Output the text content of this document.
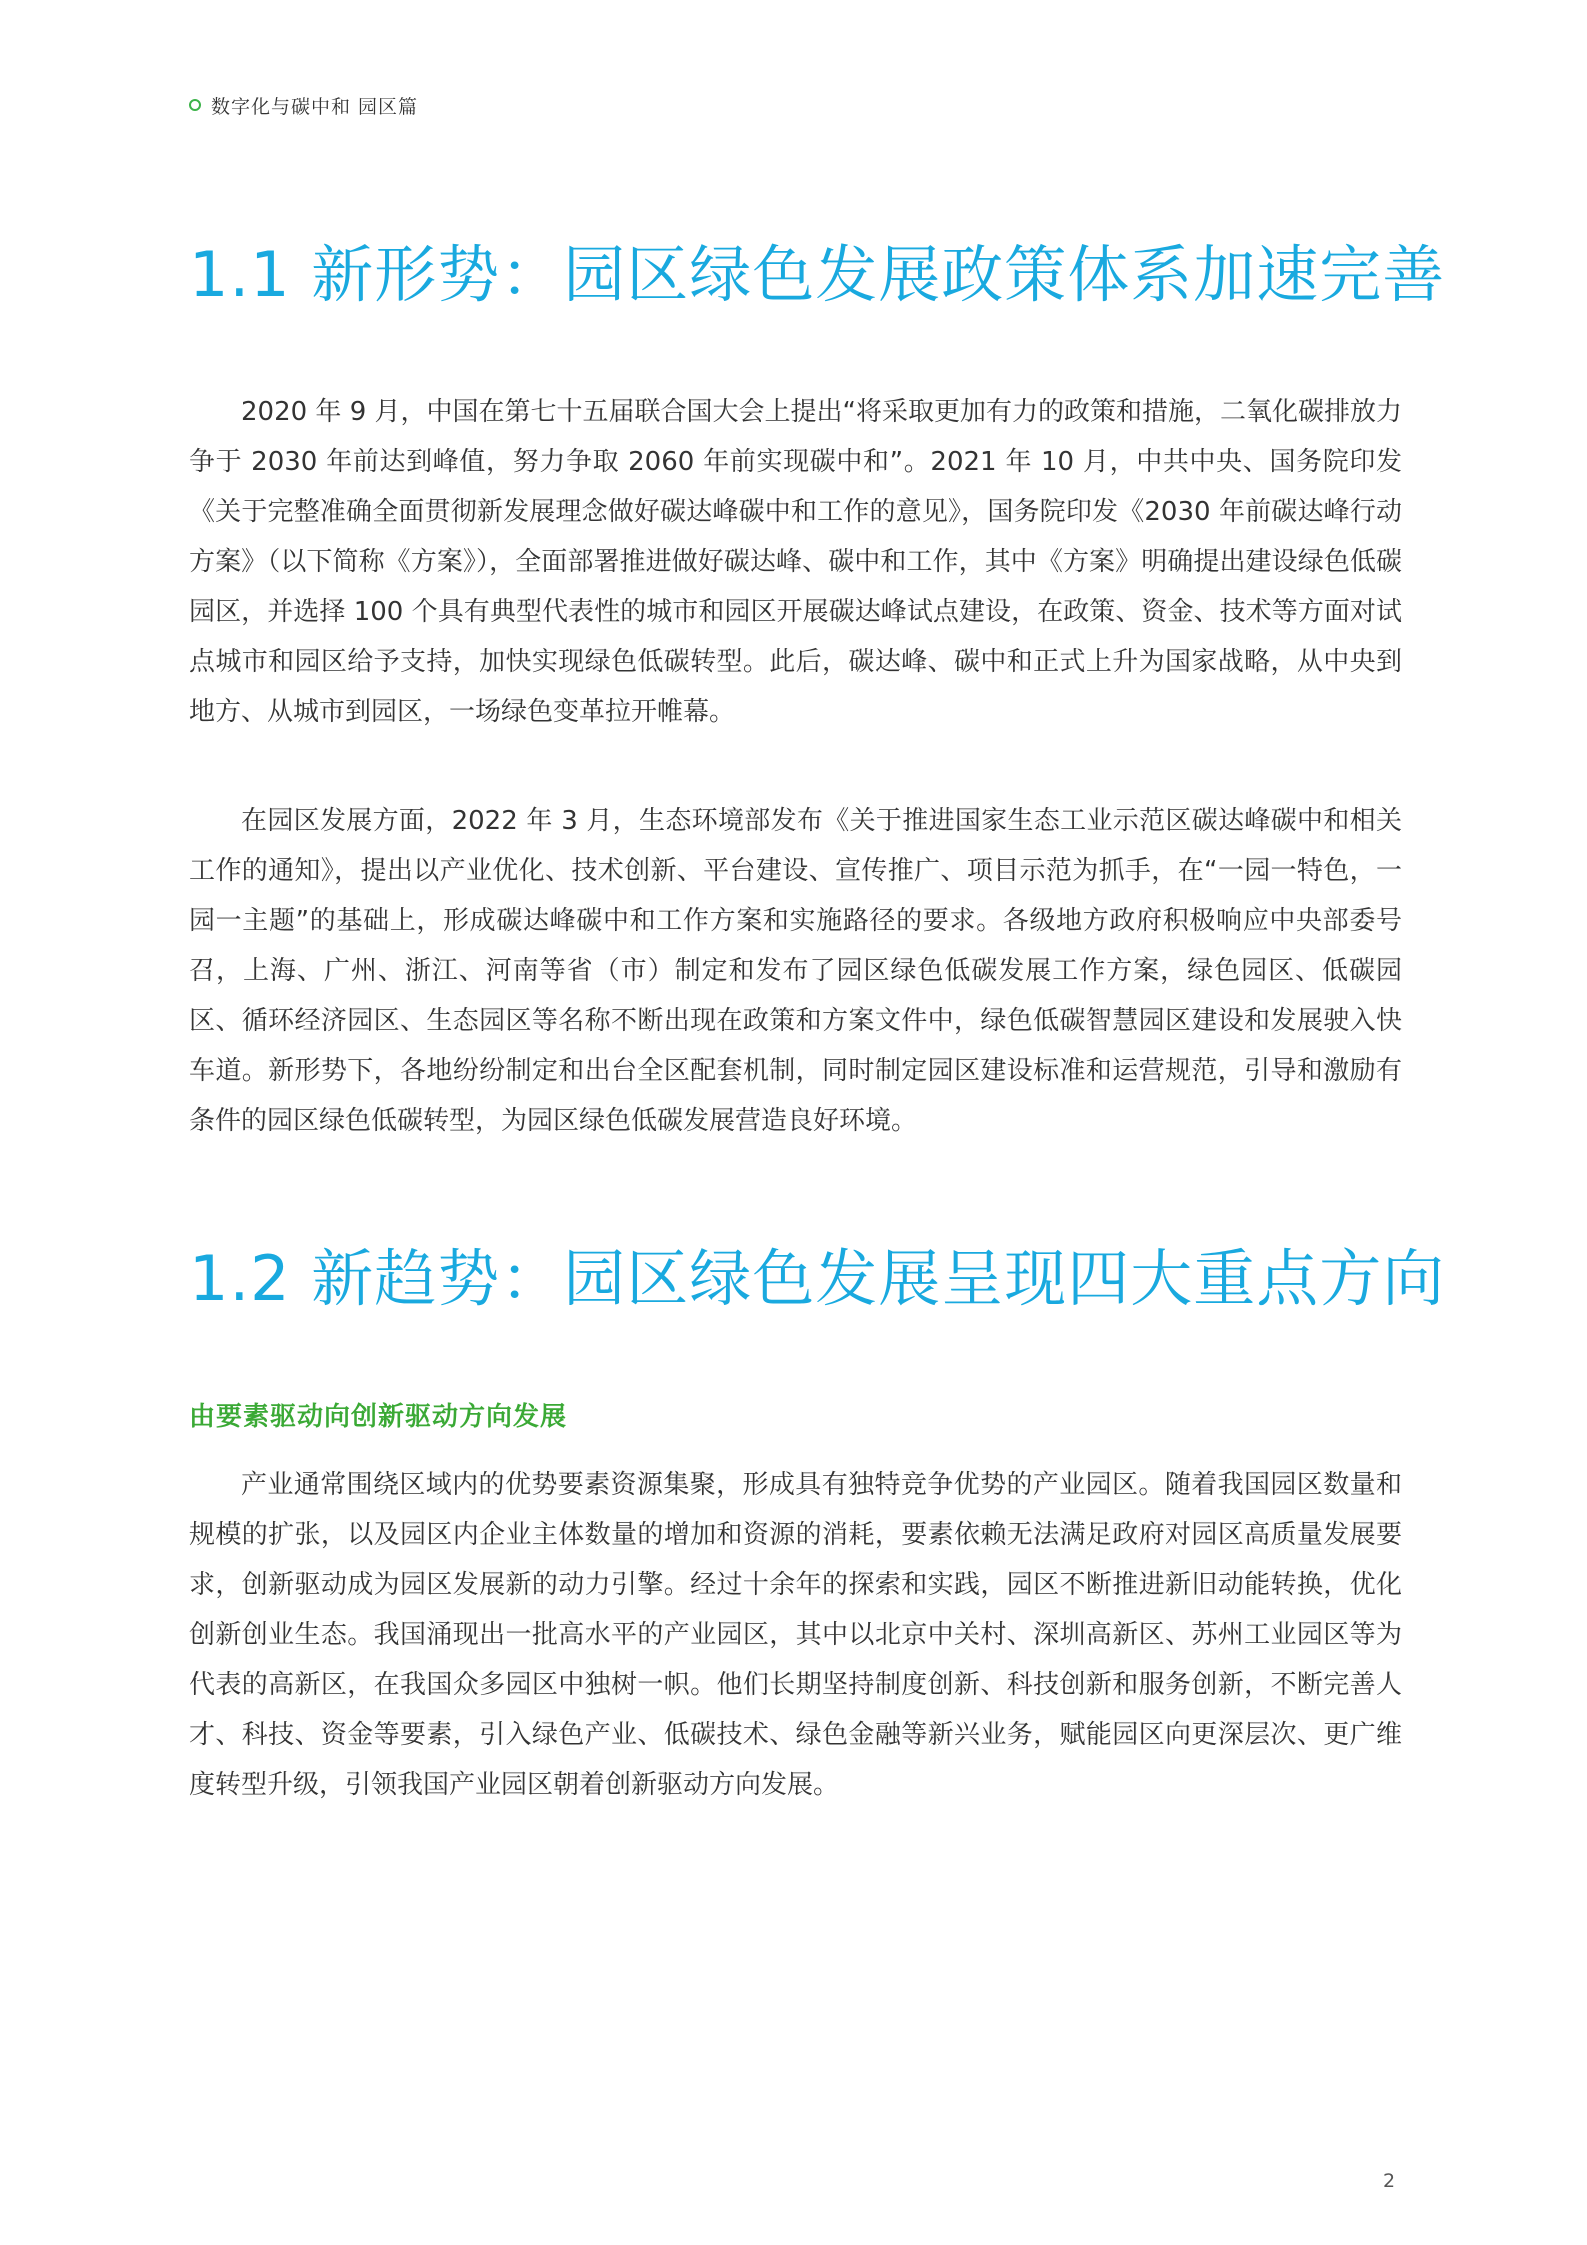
数字化与碳中和 园区篇
1.1 新形势：园区绿色发展政策体系加速完善

2020 年 9 月，中国在第七十五届联合国大会上提出“将采取更加有力的政策和措施，二氧化碳排放力争于 2030 年前达到峰值，努力争取 2060 年前实现碳中和”。2021 年 10 月，中共中央、国务院印发《关于完整准确全面贯彻新发展理念做好碳达峰碳中和工作的意见》，国务院印发《2030 年前碳达峰行动方案》（以下简称《方案》），全面部署推进做好碳达峰、碳中和工作，其中《方案》明确提出建设绿色低碳园区，并选择 100 个具有典型代表性的城市和园区开展碳达峰试点建设，在政策、资金、技术等方面对试点城市和园区给予支持，加快实现绿色低碳转型。此后，碳达峰、碳中和正式上升为国家战略，从中央到地方、从城市到园区，一场绿色变革拉开帷幕。

在园区发展方面，2022 年 3 月，生态环境部发布《关于推进国家生态工业示范区碳达峰碳中和相关工作的通知》，提出以产业优化、技术创新、平台建设、宣传推广、项目示范为抓手，在“一园一特色，一园一主题”的基础上，形成碳达峰碳中和工作方案和实施路径的要求。各级地方政府积极响应中央部委号召，上海、广州、浙江、河南等省（市）制定和发布了园区绿色低碳发展工作方案，绿色园区、低碳园区、循环经济园区、生态园区等名称不断出现在政策和方案文件中，绿色低碳智慧园区建设和发展驶入快车道。新形势下，各地纷纷制定和出台全区配套机制，同时制定园区建设标准和运营规范，引导和激励有条件的园区绿色低碳转型，为园区绿色低碳发展营造良好环境。

1.2 新趋势：园区绿色发展呈现四大重点方向
由要素驱动向创新驱动方向发展

产业通常围绕区域内的优势要素资源集聚，形成具有独特竞争优势的产业园区。随着我国园区数量和规模的扩张，以及园区内企业主体数量的增加和资源的消耗，要素依赖无法满足政府对园区高质量发展要求，创新驱动成为园区发展新的动力引擎。经过十余年的探索和实践，园区不断推进新旧动能转换，优化创新创业生态。我国涌现出一批高水平的产业园区，其中以北京中关村、深圳高新区、苏州工业园区等为代表的高新区，在我国众多园区中独树一帜。他们长期坚持制度创新、科技创新和服务创新，不断完善人才、科技、资金等要素，引入绿色产业、低碳技术、绿色金融等新兴业务，赋能园区向更深层次、更广维度转型升级，引领我国产业园区朝着创新驱动方向发展。

2
